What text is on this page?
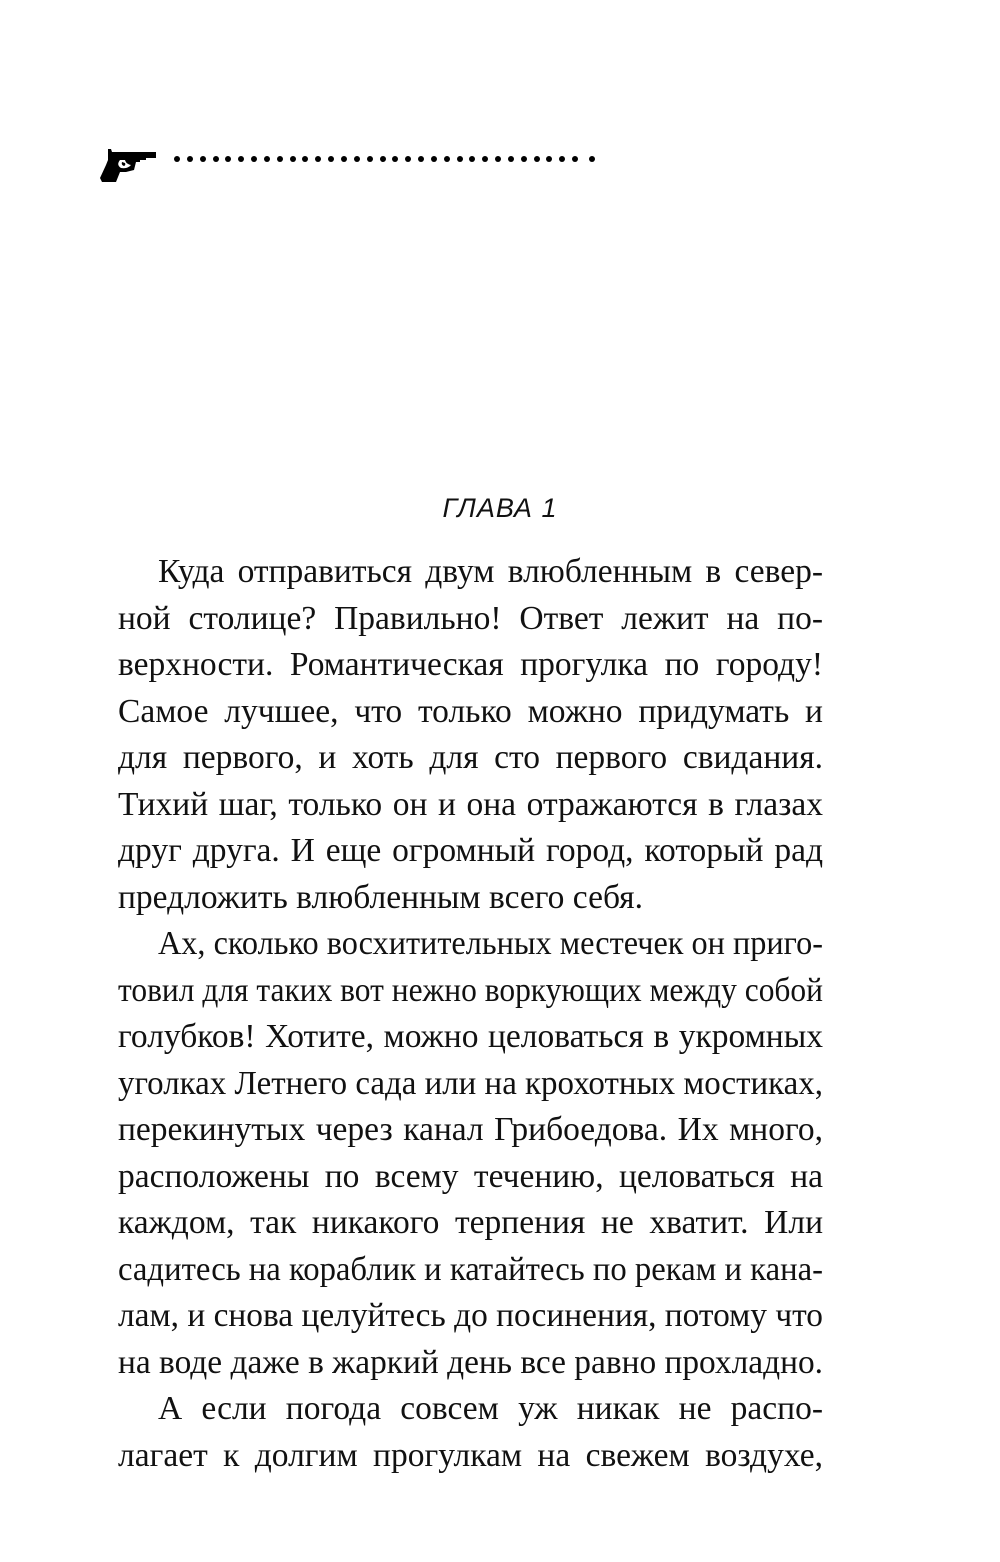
ГЛАВА 1
Куда отправиться двум влюбленным в север-
ной столице? Правильно! Ответ лежит на по-
верхности. Романтическая прогулка по городу!
Самое лучшее, что только можно придумать и
для первого, и хоть для сто первого свидания.
Тихий шаг, только он и она отражаются в глазах
друг друга. И еще огромный город, который рад
предложить влюбленным всего себя.
Ах, сколько восхитительных местечек он приго-
товил для таких вот нежно воркующих между собой
голубков! Хотите, можно целоваться в укромных
уголках Летнего сада или на крохотных мостиках,
перекинутых через канал Грибоедова. Их много,
расположены по всему течению, целоваться на
каждом, так никакого терпения не хватит. Или
садитесь на кораблик и катайтесь по рекам и кана-
лам, и снова целуйтесь до посинения, потому что
на воде даже в жаркий день все равно прохладно.
А если погода совсем уж никак не распо-
лагает к долгим прогулкам на свежем воздухе,
